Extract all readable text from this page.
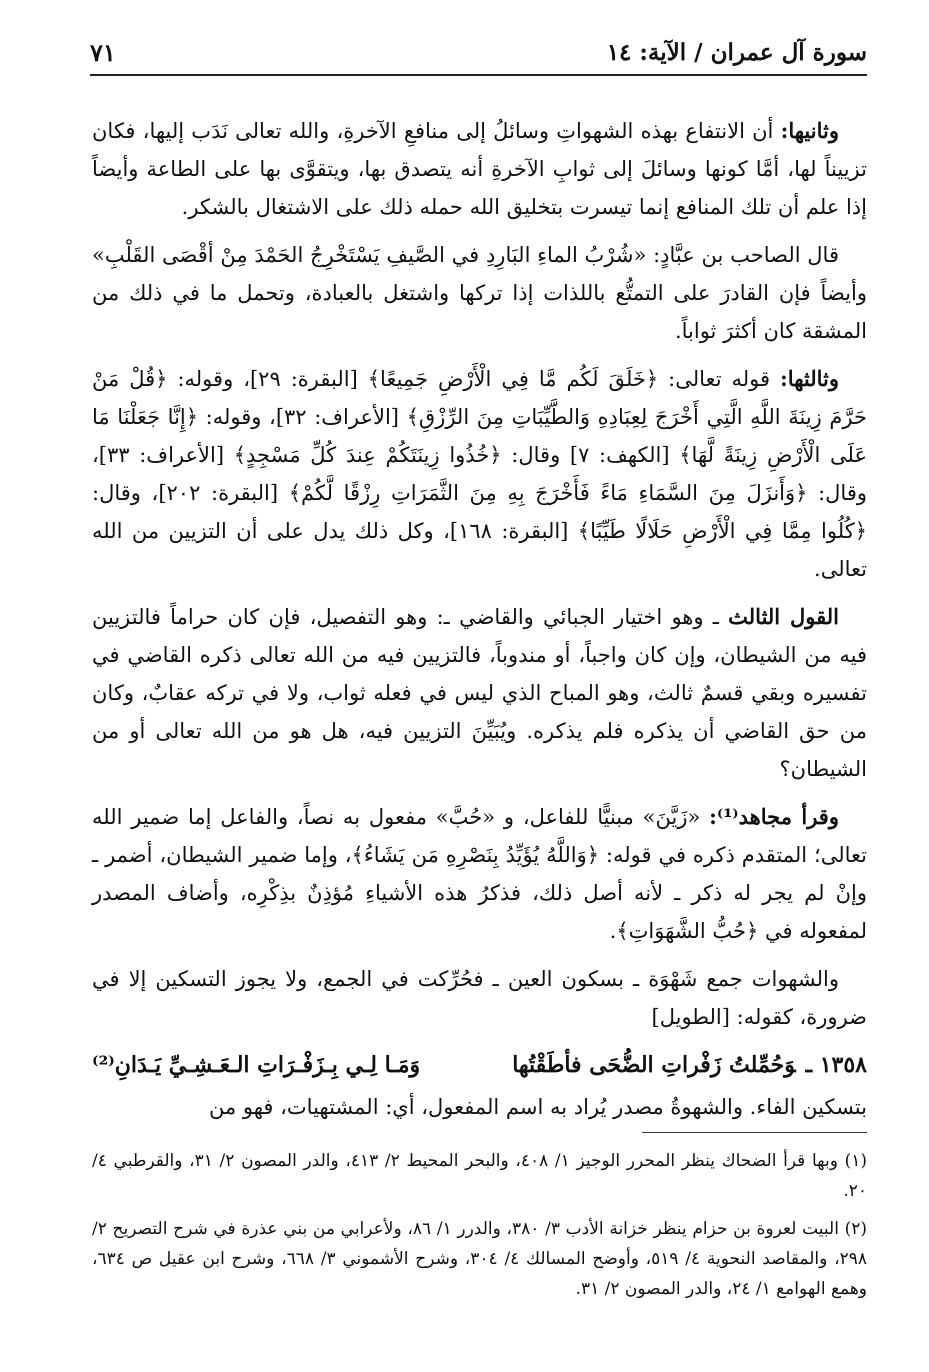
سورة آل عمران / الآية: ١٤
٧١

وثانيها: أن الانتفاع بهذه الشهواتِ وسائلُ إلى منافعِ الآخرةِ، والله تعالى نَدَب إليها، فكان تزييناً لها، أمَّا كونها وسائلَ إلى ثوابِ الآخرةِ أنه يتصدق بها، ويتقوَّى بها على الطاعة وأيضاً إذا علم أن تلك المنافع إنما تيسرت بتخليق الله حمله ذلك على الاشتغال بالشكر.

قال الصاحب بن عبَّادٍ: «شُرْبُ الماءِ البَارِدِ في الصَّيفِ يَسْتَخْرِجُ الحَمْدَ مِنْ أقْصَى القَلْبِ» وأيضاً فإن القادرَ على التمتُّع باللذات إذا تركها واشتغل بالعبادة، وتحمل ما في ذلك من المشقة كان أكثرَ ثواباً.

وثالثها: قوله تعالى: ﴿خَلَقَ لَكُم مَّا فِي الْأَرْضِ جَمِيعًا﴾ [البقرة: ٢٩]، وقوله: ﴿قُلْ مَنْ حَرَّمَ زِينَةَ اللَّهِ الَّتِي أَخْرَجَ لِعِبَادِهِ وَالطَّيِّبَاتِ مِنَ الرِّزْقِ﴾ [الأعراف: ٣٢]، وقوله: ﴿إِنَّا جَعَلْنَا مَا عَلَى الْأَرْضِ زِينَةً لَّهَا﴾ [الكهف: ٧] وقال: ﴿خُذُوا زِينَتَكُمْ عِندَ كُلِّ مَسْجِدٍ﴾ [الأعراف: ٣٣]، وقال: ﴿وَأَنزَلَ مِنَ السَّمَاءِ مَاءً فَأَخْرَجَ بِهِ مِنَ الثَّمَرَاتِ رِزْقًا لَّكُمْ﴾ [البقرة: ٢٠٢]، وقال: ﴿كُلُوا مِمَّا فِي الْأَرْضِ حَلَالًا طَيِّبًا﴾ [البقرة: ١٦٨]، وكل ذلك يدل على أن التزيين من الله تعالى.

القول الثالث ـ وهو اختيار الجبائي والقاضي ـ: وهو التفصيل، فإن كان حراماً فالتزيين فيه من الشيطان، وإن كان واجباً، أو مندوباً، فالتزيين فيه من الله تعالى ذكره القاضي في تفسيره وبقي قسمٌ ثالث، وهو المباح الذي ليس في فعله ثواب، ولا في تركه عقابٌ، وكان من حق القاضي أن يذكره فلم يذكره. ويُبَيِّنَ التزيين فيه، هل هو من الله تعالى أو من الشيطان؟

وقرأ مجاهد⁽¹⁾: «زَيَّنَ» مبنيًّا للفاعل، و «حُبَّ» مفعول به نصاً، والفاعل إما ضمير الله تعالى؛ المتقدم ذكره في قوله: ﴿وَاللَّهُ يُؤَيِّدُ بِنَصْرِهِ مَن يَشَاءُ﴾، وإما ضمير الشيطان، أضمر ـ وإنْ لم يجر له ذكر ـ لأنه أصل ذلك، فذكرُ هذه الأشياءِ مُؤذِنٌ بذِكْرِه، وأضاف المصدر لمفعوله في ﴿حُبُّ الشَّهَوَاتِ﴾.

والشهوات جمع شَهْوَة ـ بسكون العين ـ فحُرِّكت في الجمع، ولا يجوز التسكين إلا في ضرورة، كقوله: [الطويل]

١٣٥٨ ـوَحُمِّلتُ زَفْراتِ الضُّحَى فأطَقْتُها
وَمَـا لِـي بِـزَفْـرَاتِ الـعَـشِـيِّ يَـدَانِ⁽²⁾

بتسكين الفاء. والشهوةُ مصدر يُراد به اسم المفعول، أي: المشتهيات، فهو من

(١) وبها قرأ الضحاك ينظر المحرر الوجيز ١/ ٤٠٨، والبحر المحيط ٢/ ٤١٣، والدر المصون ٢/ ٣١، والقرطبي ٤/ ٢٠.

(٢) البيت لعروة بن حزام ينظر خزانة الأدب ٣/ ٣٨٠، والدرر ١/ ٨٦، ولأعرابي من بني عذرة في شرح التصريح ٢/ ٢٩٨، والمقاصد النحوية ٤/ ٥١٩، وأوضح المسالك ٤/ ٣٠٤، وشرح الأشموني ٣/ ٦٦٨، وشرح ابن عقيل ص ٦٣٤، وهمع الهوامع ١/ ٢٤، والدر المصون ٢/ ٣١.
